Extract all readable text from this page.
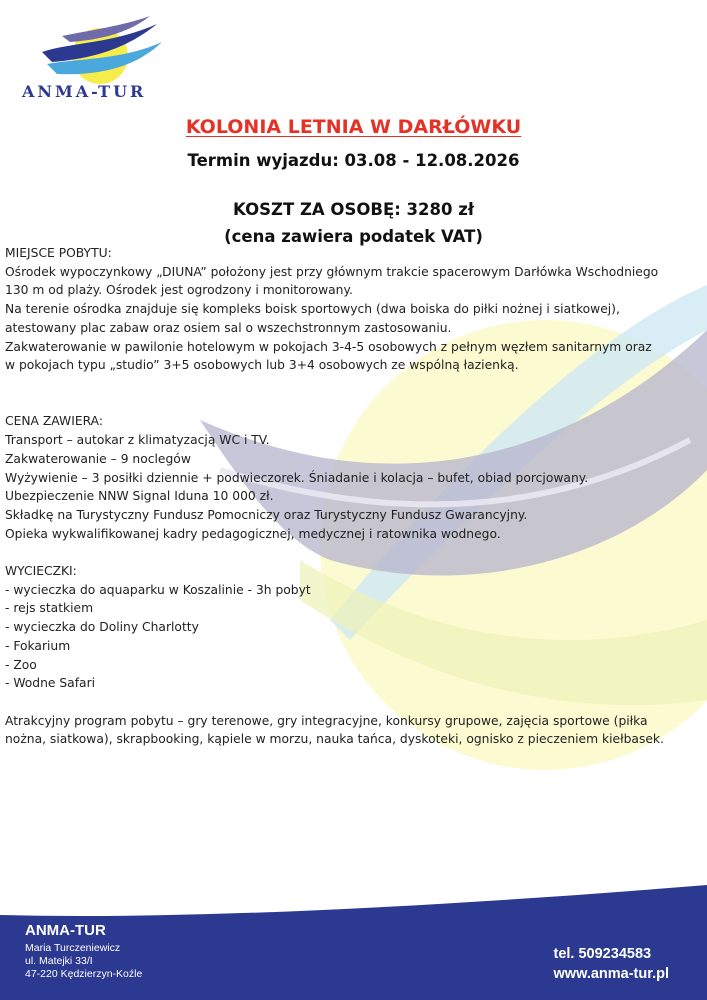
ANMA-TUR
KOLONIA LETNIA W DARŁÓWKU
Termin wyjazdu: 03.08 - 12.08.2026
KOSZT ZA OSOBĘ: 3280 zł
(cena zawiera podatek VAT)

MIEJSCE POBYTU:

Ośrodek wypoczynkowy „DIUNA” położony jest przy głównym trakcie spacerowym Darłówka Wschodniego

130 m od plaży. Ośrodek jest ogrodzony i monitorowany.

Na terenie ośrodka znajduje się kompleks boisk sportowych (dwa boiska do piłki nożnej i siatkowej),

atestowany plac zabaw oraz osiem sal o wszechstronnym zastosowaniu.

Zakwaterowanie w pawilonie hotelowym w pokojach 3-4-5 osobowych z pełnym węzłem sanitarnym oraz

w pokojach typu „studio” 3+5 osobowych lub 3+4 osobowych ze wspólną łazienką.

CENA ZAWIERA:

Transport – autokar z klimatyzacją WC i TV.

Zakwaterowanie – 9 noclegów

Wyżywienie – 3 posiłki dziennie + podwieczorek. Śniadanie i kolacja – bufet, obiad porcjowany.

Ubezpieczenie NNW Signal Iduna 10 000 zł.

Składkę na Turystyczny Fundusz Pomocniczy oraz Turystyczny Fundusz Gwarancyjny.

Opieka wykwalifikowanej kadry pedagogicznej, medycznej i ratownika wodnego.

WYCIECZKI:

- wycieczka do aquaparku w Koszalinie - 3h pobyt

- rejs statkiem

- wycieczka do Doliny Charlotty

- Fokarium

- Zoo

- Wodne Safari

Atrakcyjny program pobytu – gry terenowe, gry integracyjne, konkursy grupowe, zajęcia sportowe (piłka

nożna, siatkowa), skrapbooking, kąpiele w morzu, nauka tańca, dyskoteki, ognisko z pieczeniem kiełbasek.

ANMA-TUR
Maria Turczeniewicz
ul. Matejki 33/I
47-220 Kędzierzyn-Koźle
tel. 509234583
www.anma-tur.pl
